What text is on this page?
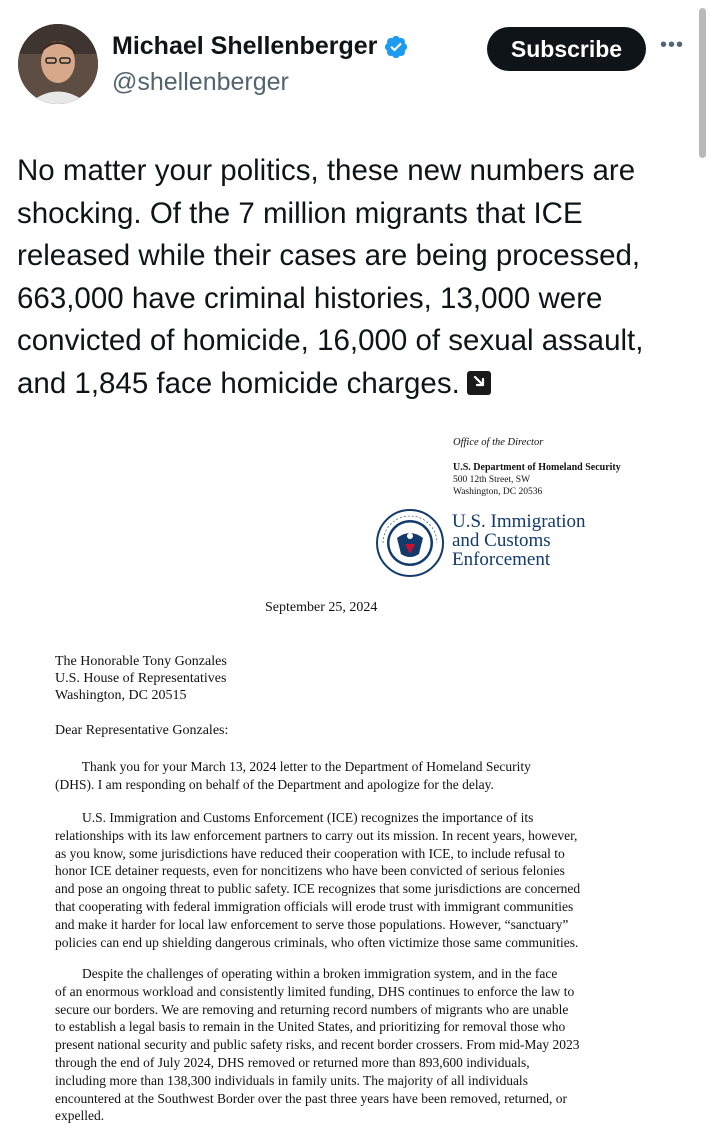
Michael Shellenberger
@shellenberger
Subscribe	•••
No matter your politics, these new numbers are shocking. Of the 7 million migrants that ICE released while their cases are being processed, 663,000 have criminal histories, 13,000 were convicted of homicide, 16,000 of sexual assault, and 1,845 face homicide charges.
Office of the Director
U.S. Department of Homeland Security
500 12th Street, SW
Washington, DC 20536
U.S. Immigration
and Customs
Enforcement
September 25, 2024
The Honorable Tony Gonzales
U.S. House of Representatives
Washington, DC 20515
Dear Representative Gonzales:
Thank you for your March 13, 2024 letter to the Department of Homeland Security
(DHS). I am responding on behalf of the Department and apologize for the delay.
U.S. Immigration and Customs Enforcement (ICE) recognizes the importance of its
relationships with its law enforcement partners to carry out its mission. In recent years, however,
as you know, some jurisdictions have reduced their cooperation with ICE, to include refusal to
honor ICE detainer requests, even for noncitizens who have been convicted of serious felonies
and pose an ongoing threat to public safety. ICE recognizes that some jurisdictions are concerned
that cooperating with federal immigration officials will erode trust with immigrant communities
and make it harder for local law enforcement to serve those populations. However, “sanctuary”
policies can end up shielding dangerous criminals, who often victimize those same communities.
Despite the challenges of operating within a broken immigration system, and in the face
of an enormous workload and consistently limited funding, DHS continues to enforce the law to
secure our borders. We are removing and returning record numbers of migrants who are unable
to establish a legal basis to remain in the United States, and prioritizing for removal those who
present national security and public safety risks, and recent border crossers. From mid-May 2023
through the end of July 2024, DHS removed or returned more than 893,600 individuals,
including more than 138,300 individuals in family units. The majority of all individuals
encountered at the Southwest Border over the past three years have been removed, returned, or
expelled.
